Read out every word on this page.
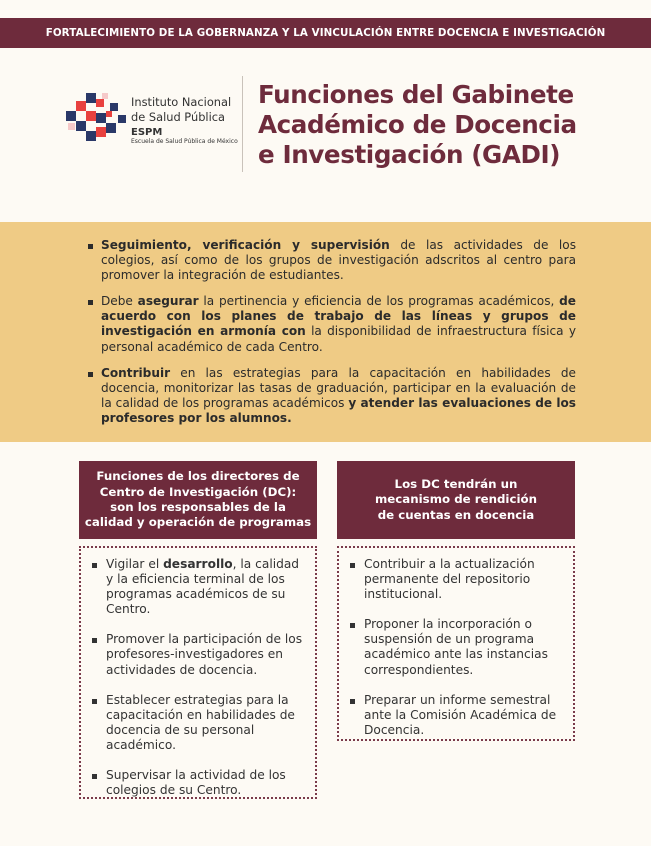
FORTALECIMIENTO DE LA GOBERNANZA Y LA VINCULACIÓN ENTRE DOCENCIA E INVESTIGACIÓN
Instituto Nacional
de Salud Pública
ESPM
Escuela de Salud Pública de México
Funciones del Gabinete
Académico de Docencia
e Investigación (GADI)
Seguimiento, verificación y supervisión de las actividades de los colegios, así como de los grupos de investigación adscritos al centro para promover la integración de estudiantes.
Debe asegurar la pertinencia y eficiencia de los programas académicos, de acuerdo con los planes de trabajo de las líneas y grupos de investigación en armonía con la disponibilidad de infraestructura física y personal académico de cada Centro.
Contribuir en las estrategias para la capacitación en habilidades de docencia, monitorizar las tasas de graduación, participar en la evaluación de la calidad de los programas académicos y atender las evaluaciones de los profesores por los alumnos.
Funciones de los directores de
Centro de Investigación (DC):
son los responsables de la
calidad y operación de programas
Vigilar el desarrollo, la calidad y la eficiencia terminal de los programas académicos de su Centro.
Promover la participación de los profesores-investigadores en actividades de docencia.
Establecer estrategias para la capacitación en habilidades de docencia de su personal académico.
Supervisar la actividad de los colegios de su Centro.
Los DC tendrán un
mecanismo de rendición
de cuentas en docencia
Contribuir a la actualización permanente del repositorio institucional.
Proponer la incorporación o suspensión de un programa académico ante las instancias correspondientes.
Preparar un informe semestral ante la Comisión Académica de Docencia.
